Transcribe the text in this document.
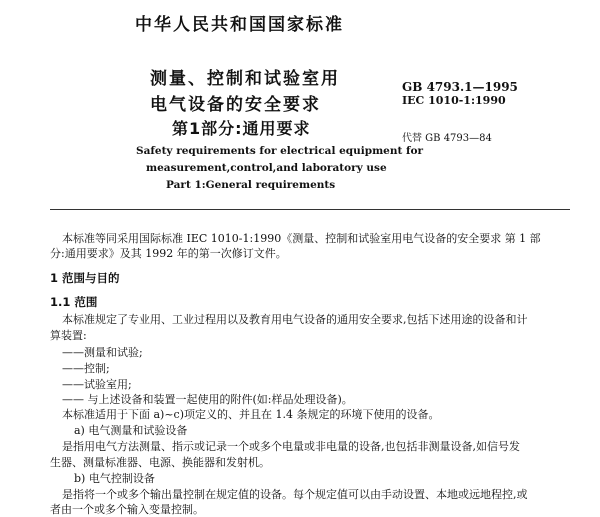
中华人民共和国国家标准
测量、控制和试验室用
电气设备的安全要求
第1部分:通用要求
GB 4793.1—1995
IEC 1010-1:1990
代替 GB 4793—84
Safety requirements for electrical equipment for
measurement,control,and laboratory use
Part 1:General requirements
本标准等同采用国际标准 IEC 1010-1:1990《测量、控制和试验室用电气设备的安全要求 第 1 部
分:通用要求》及其 1992 年的第一次修订文件。
1 范围与目的
1.1 范围
本标准规定了专业用、工业过程用以及教育用电气设备的通用安全要求,包括下述用途的设备和计
算装置:
——测量和试验;
——控制;
——试验室用;
—— 与上述设备和装置一起使用的附件(如:样品处理设备)。
本标准适用于下面 a)~c)项定义的、并且在 1.4 条规定的环境下使用的设备。
a) 电气测量和试验设备
是指用电气方法测量、指示或记录一个或多个电量或非电量的设备,也包括非测量设备,如信号发
生器、测量标准器、电源、换能器和发射机。
b) 电气控制设备
是指将一个或多个输出量控制在规定值的设备。每个规定值可以由手动设置、本地或远地程控,或
者由一个或多个输入变量控制。
